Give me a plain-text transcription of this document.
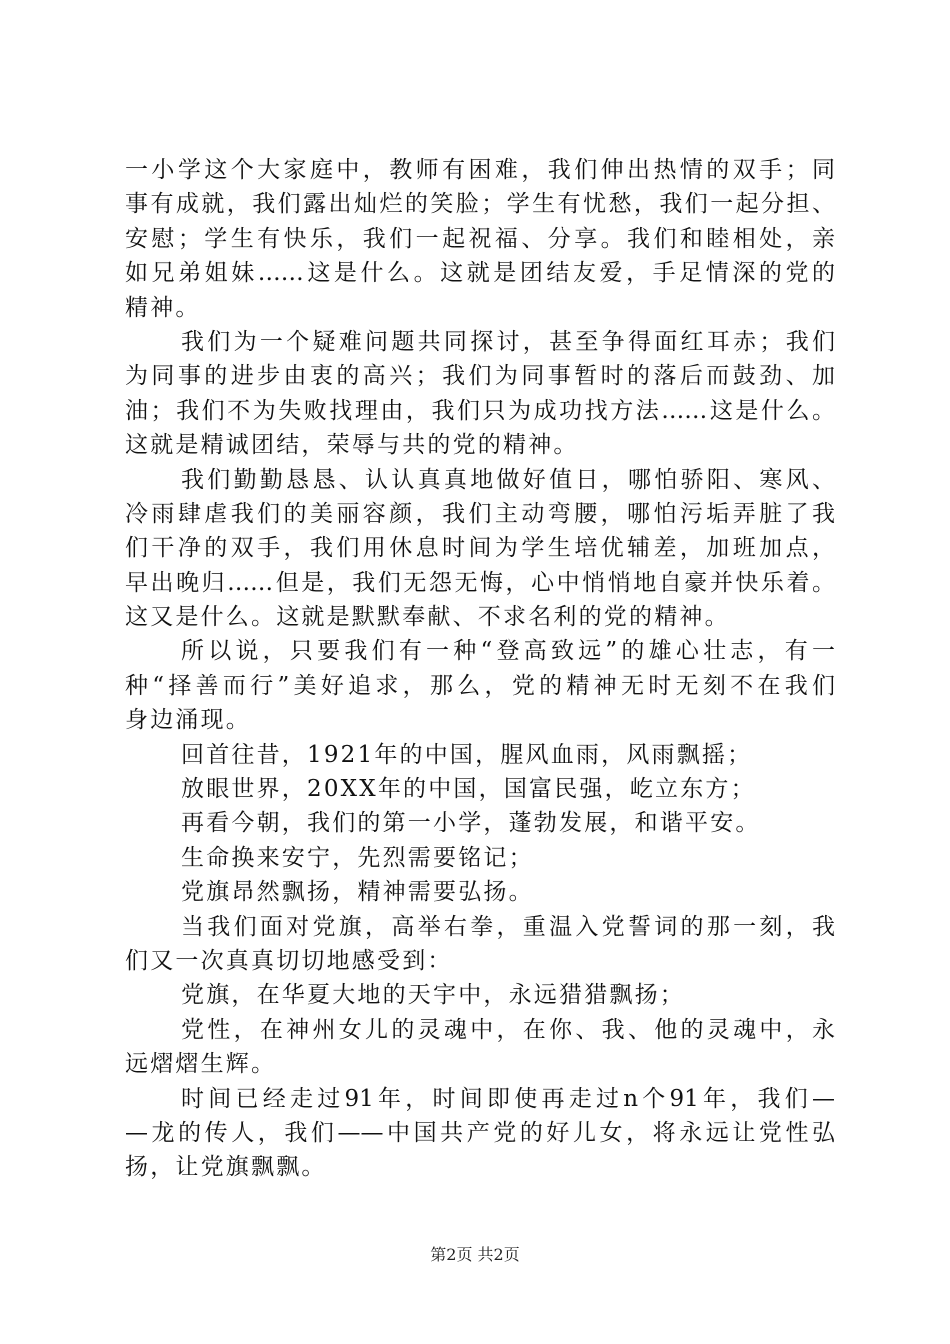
一小学这个大家庭中，教师有困难，我们伸出热情的双手；同
事有成就，我们露出灿烂的笑脸；学生有忧愁，我们一起分担、
安慰；学生有快乐，我们一起祝福、分享。我们和睦相处，亲
如兄弟姐妹……这是什么。这就是团结友爱，手足情深的党的
精神。
我们为一个疑难问题共同探讨，甚至争得面红耳赤；我们
为同事的进步由衷的高兴；我们为同事暂时的落后而鼓劲、加
油；我们不为失败找理由，我们只为成功找方法……这是什么。
这就是精诚团结，荣辱与共的党的精神。
我们勤勤恳恳、认认真真地做好值日，哪怕骄阳、寒风、
冷雨肆虐我们的美丽容颜，我们主动弯腰，哪怕污垢弄脏了我
们干净的双手，我们用休息时间为学生培优辅差，加班加点，
早出晚归……但是，我们无怨无悔，心中悄悄地自豪并快乐着。
这又是什么。这就是默默奉献、不求名利的党的精神。
所以说，只要我们有一种“登高致远”的雄心壮志，有一
种“择善而行”美好追求，那么，党的精神无时无刻不在我们
身边涌现。
回首往昔，1921年的中国，腥风血雨，风雨飘摇；
放眼世界，20XX年的中国，国富民强，屹立东方；
再看今朝，我们的第一小学，蓬勃发展，和谐平安。
生命换来安宁，先烈需要铭记；
党旗昂然飘扬，精神需要弘扬。
当我们面对党旗，高举右拳，重温入党誓词的那一刻，我
们又一次真真切切地感受到：
党旗，在华夏大地的天宇中，永远猎猎飘扬；
党性，在神州女儿的灵魂中，在你、我、他的灵魂中，永
远熠熠生辉。
时间已经走过91年，时间即使再走过n个91年，我们—
—龙的传人，我们——中国共产党的好儿女，将永远让党性弘
扬，让党旗飘飘。
第2页 共2页
